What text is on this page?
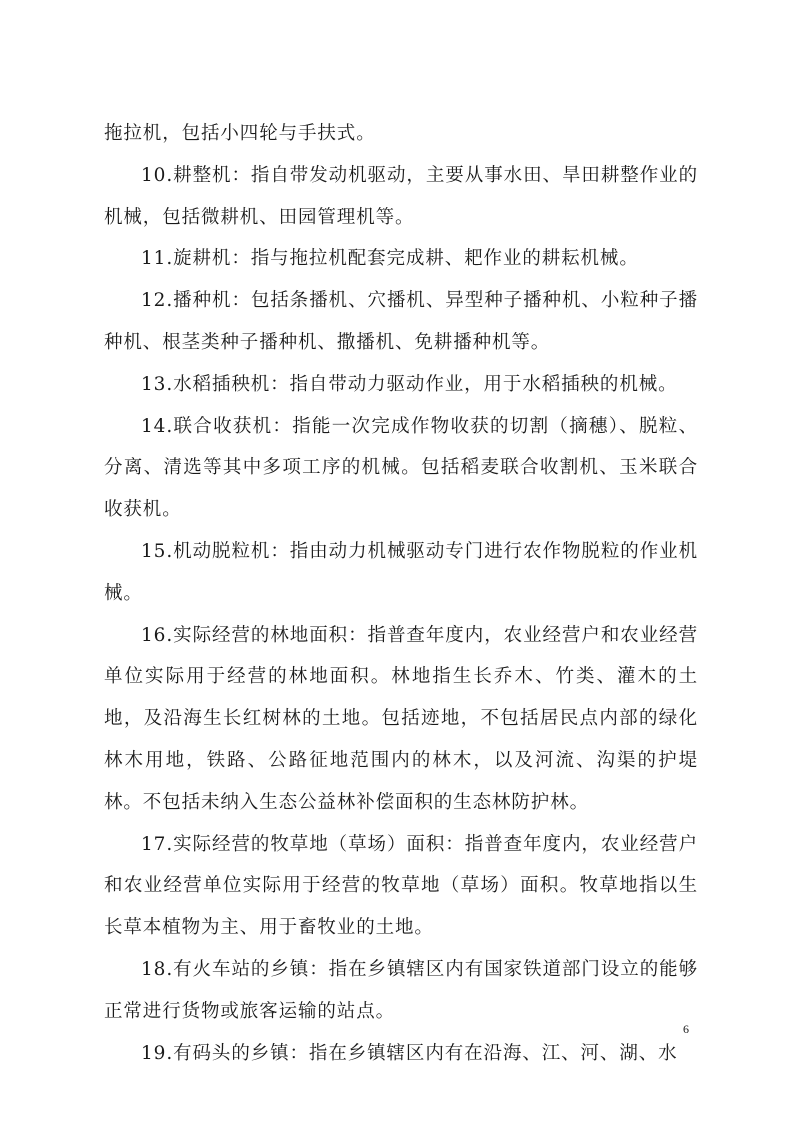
拖拉机，包括小四轮与手扶式。

10.耕整机：指自带发动机驱动，主要从事水田、旱田耕整作业的机械，包括微耕机、田园管理机等。

11.旋耕机：指与拖拉机配套完成耕、耙作业的耕耘机械。

12.播种机：包括条播机、穴播机、异型种子播种机、小粒种子播种机、根茎类种子播种机、撒播机、免耕播种机等。

13.水稻插秧机：指自带动力驱动作业，用于水稻插秧的机械。

14.联合收获机：指能一次完成作物收获的切割（摘穗）、脱粒、分离、清选等其中多项工序的机械。包括稻麦联合收割机、玉米联合收获机。

15.机动脱粒机：指由动力机械驱动专门进行农作物脱粒的作业机械。

16.实际经营的林地面积：指普查年度内，农业经营户和农业经营单位实际用于经营的林地面积。林地指生长乔木、竹类、灌木的土地，及沿海生长红树林的土地。包括迹地，不包括居民点内部的绿化林木用地，铁路、公路征地范围内的林木，以及河流、沟渠的护堤林。不包括未纳入生态公益林补偿面积的生态林防护林。

17.实际经营的牧草地（草场）面积：指普查年度内，农业经营户和农业经营单位实际用于经营的牧草地（草场）面积。牧草地指以生长草本植物为主、用于畜牧业的土地。

18.有火车站的乡镇：指在乡镇辖区内有国家铁道部门设立的能够正常进行货物或旅客运输的站点。

19.有码头的乡镇：指在乡镇辖区内有在沿海、江、河、湖、水

6
